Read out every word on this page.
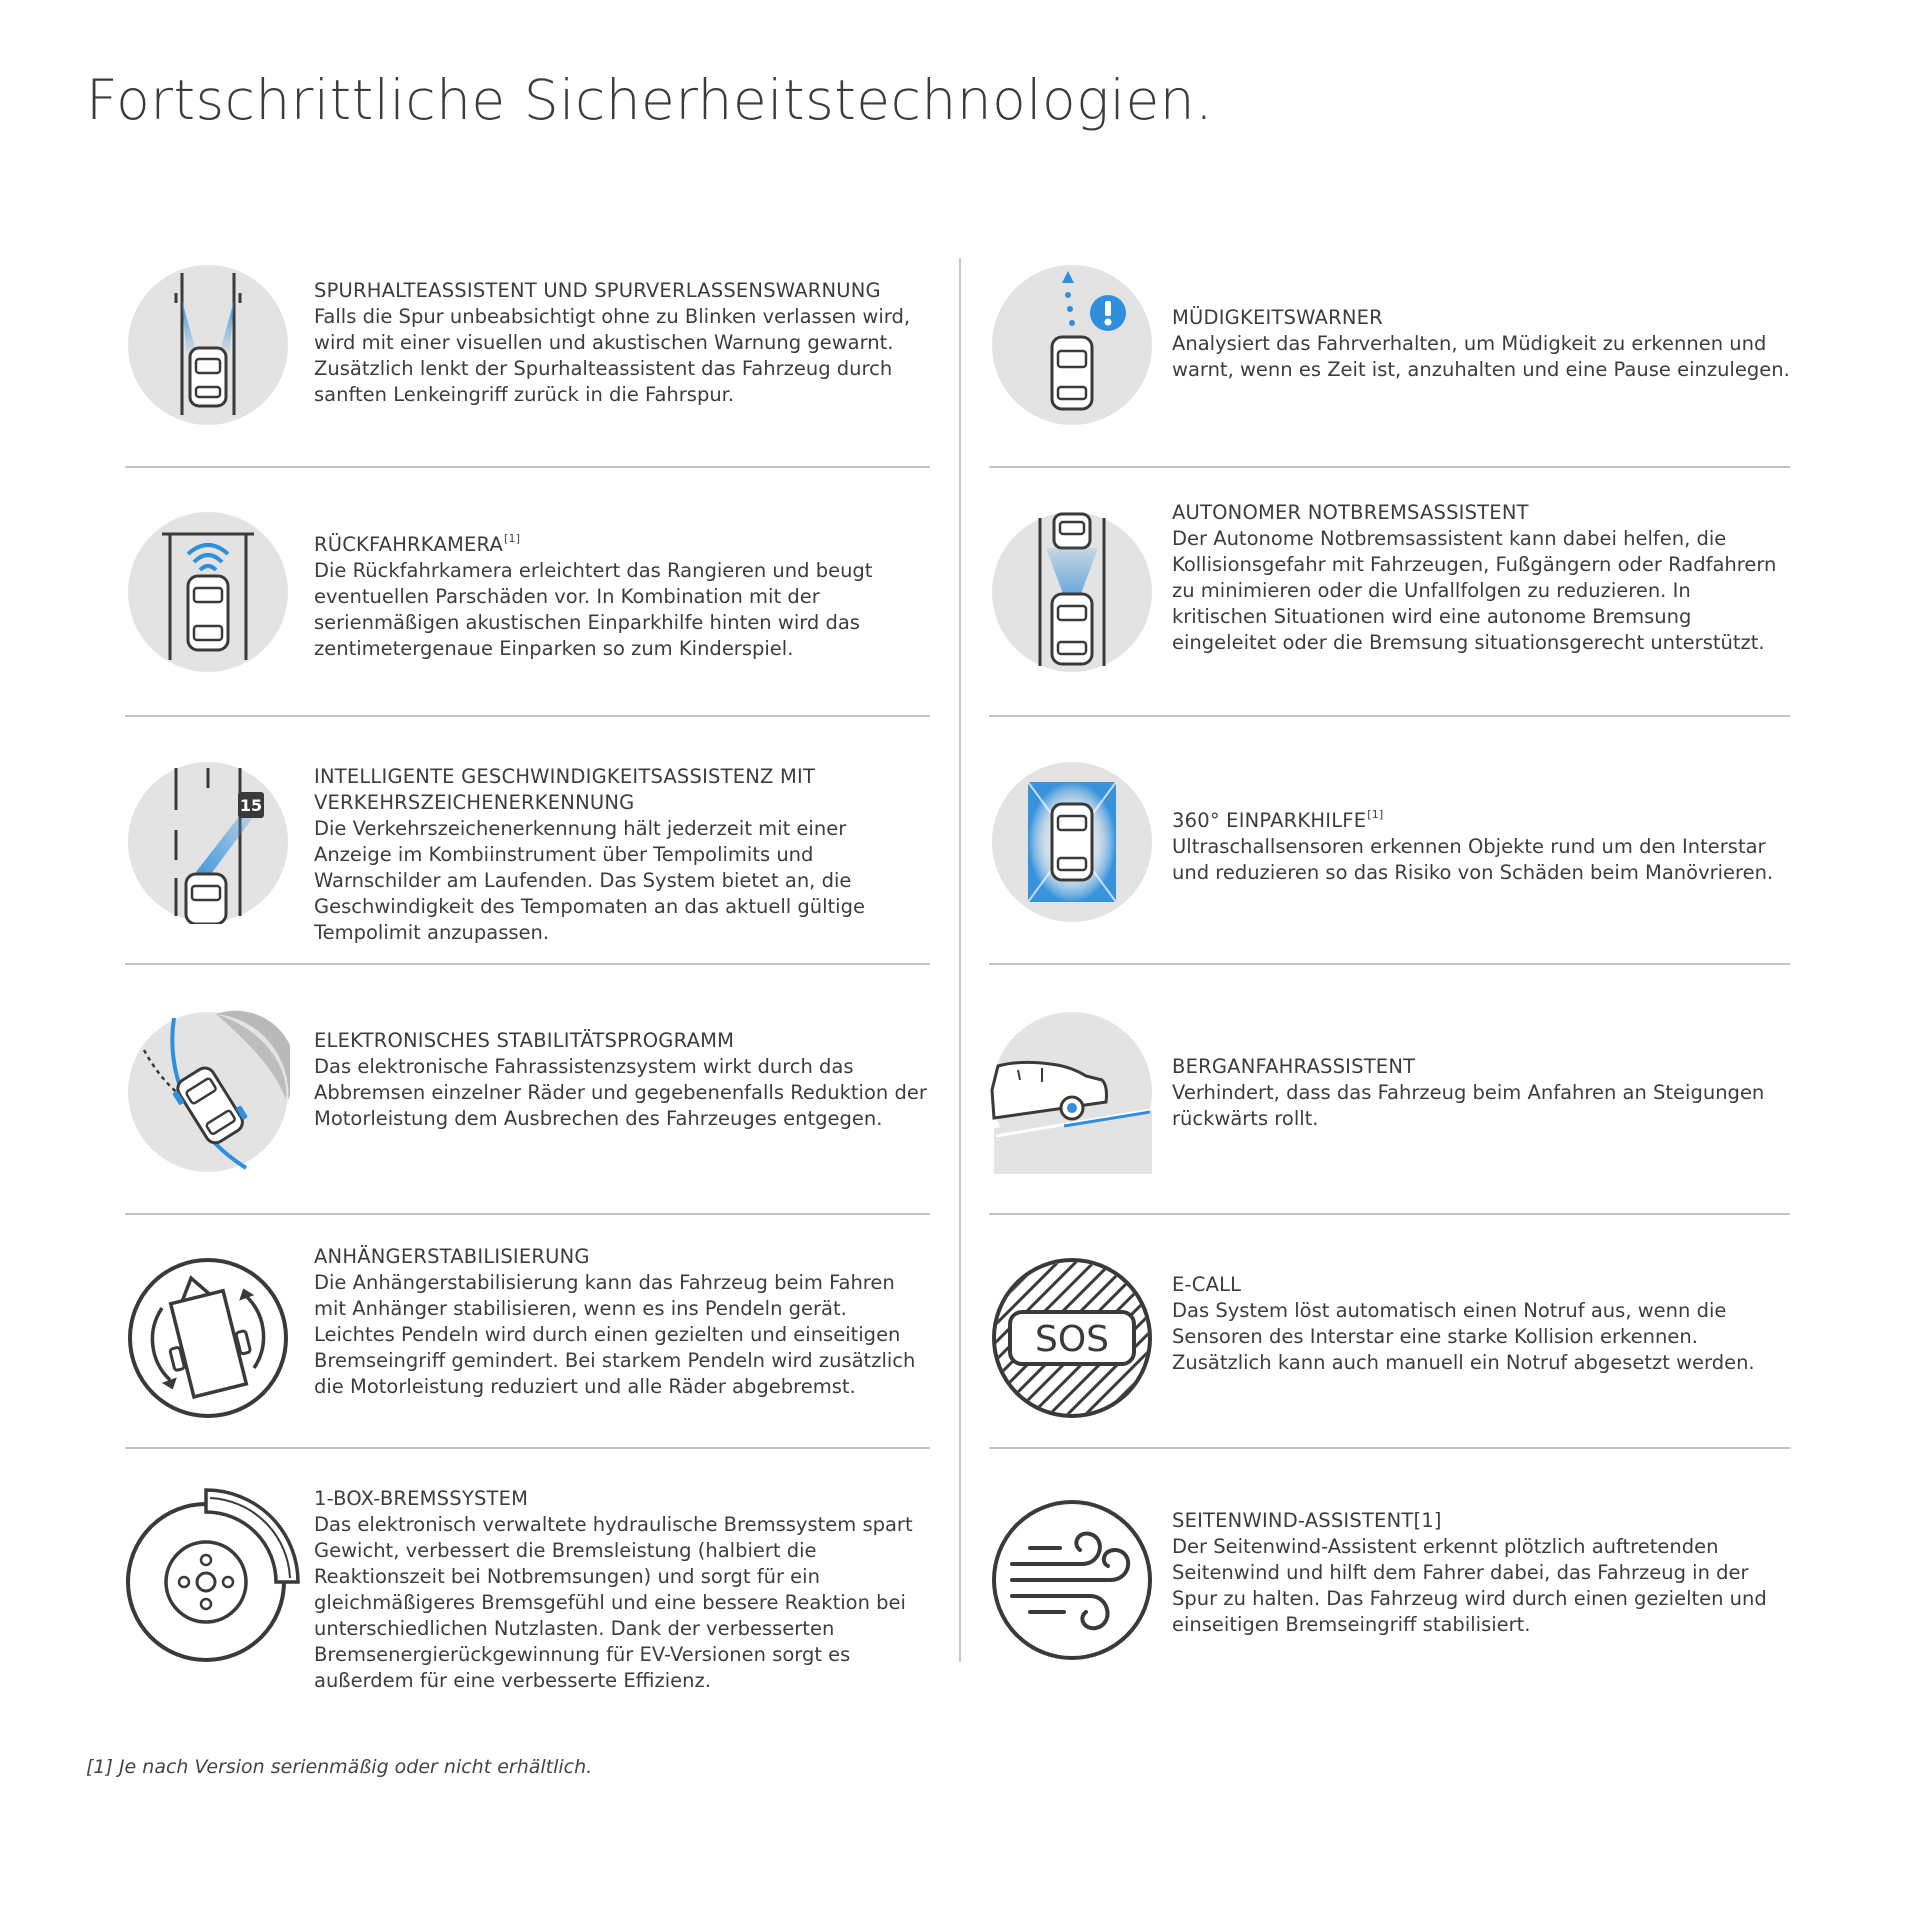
Fortschrittliche Sicherheitstechnologien.

SPURHALTEASSISTENT UND SPURVERLASSENSWARNUNG

Falls die Spur unbeabsichtigt ohne zu Blinken verlassen wird, wird mit einer visuellen und akustischen Warnung gewarnt. Zusätzlich lenkt der Spurhalteassistent das Fahrzeug durch sanften Lenkeingriff zurück in die Fahrspur.

MÜDIGKEITSWARNER

Analysiert das Fahrverhalten, um Müdigkeit zu erkennen und warnt, wenn es Zeit ist, anzuhalten und eine Pause einzulegen.

RÜCKFAHRKAMERA[1]

Die Rückfahrkamera erleichtert das Rangieren und beugt eventuellen Parschäden vor. In Kombination mit der serienmäßigen akustischen Einparkhilfe hinten wird das zentimetergenaue Einparken so zum Kinderspiel.

AUTONOMER NOTBREMSASSISTENT

Der Autonome Notbremsassistent kann dabei helfen, die Kollisionsgefahr mit Fahrzeugen, Fußgängern oder Radfahrern zu minimieren oder die Unfallfolgen zu reduzieren. In kritischen Situationen wird eine autonome Bremsung eingeleitet oder die Bremsung situationsgerecht unterstützt.

15

INTELLIGENTE GESCHWINDIGKEITSASSISTENZ MIT VERKEHRSZEICHENERKENNUNG

Die Verkehrszeichenerkennung hält jederzeit mit einer Anzeige im Kombiinstrument über Tempolimits und Warnschilder am Laufenden. Das System bietet an, die Geschwindigkeit des Tempomaten an das aktuell gültige Tempolimit anzupassen.

360° EINPARKHILFE[1]

Ultraschallsensoren erkennen Objekte rund um den Interstar und reduzieren so das Risiko von Schäden beim Manövrieren.

ELEKTRONISCHES STABILITÄTSPROGRAMM

Das elektronische Fahrassistenzsystem wirkt durch das Abbremsen einzelner Räder und gegebenenfalls Reduktion der Motorleistung dem Ausbrechen des Fahrzeuges entgegen.

BERGANFAHRASSISTENT

Verhindert, dass das Fahrzeug beim Anfahren an Steigungen rückwärts rollt.

ANHÄNGERSTABILISIERUNG

Die Anhängerstabilisierung kann das Fahrzeug beim Fahren mit Anhänger stabilisieren, wenn es ins Pendeln gerät. Leichtes Pendeln wird durch einen gezielten und einseitigen Bremseingriff gemindert. Bei starkem Pendeln wird zusätzlich die Motorleistung reduziert und alle Räder abgebremst.

SOS

E-CALL

Das System löst automatisch einen Notruf aus, wenn die Sensoren des Interstar eine starke Kollision erkennen. Zusätzlich kann auch manuell ein Notruf abgesetzt werden.

1-BOX-BREMSSYSTEM

Das elektronisch verwaltete hydraulische Bremssystem spart Gewicht, verbessert die Bremsleistung (halbiert die Reaktionszeit bei Notbremsungen) und sorgt für ein gleichmäßigeres Bremsgefühl und eine bessere Reaktion bei unterschiedlichen Nutzlasten. Dank der verbesserten Bremsenergierückgewinnung für EV-Versionen sorgt es außerdem für eine verbesserte Effizienz.

SEITENWIND-ASSISTENT[1]

Der Seitenwind-Assistent erkennt plötzlich auftretenden Seitenwind und hilft dem Fahrer dabei, das Fahrzeug in der Spur zu halten. Das Fahrzeug wird durch einen gezielten und einseitigen Bremseingriff stabilisiert.

[1] Je nach Version serienmäßig oder nicht erhältlich.
